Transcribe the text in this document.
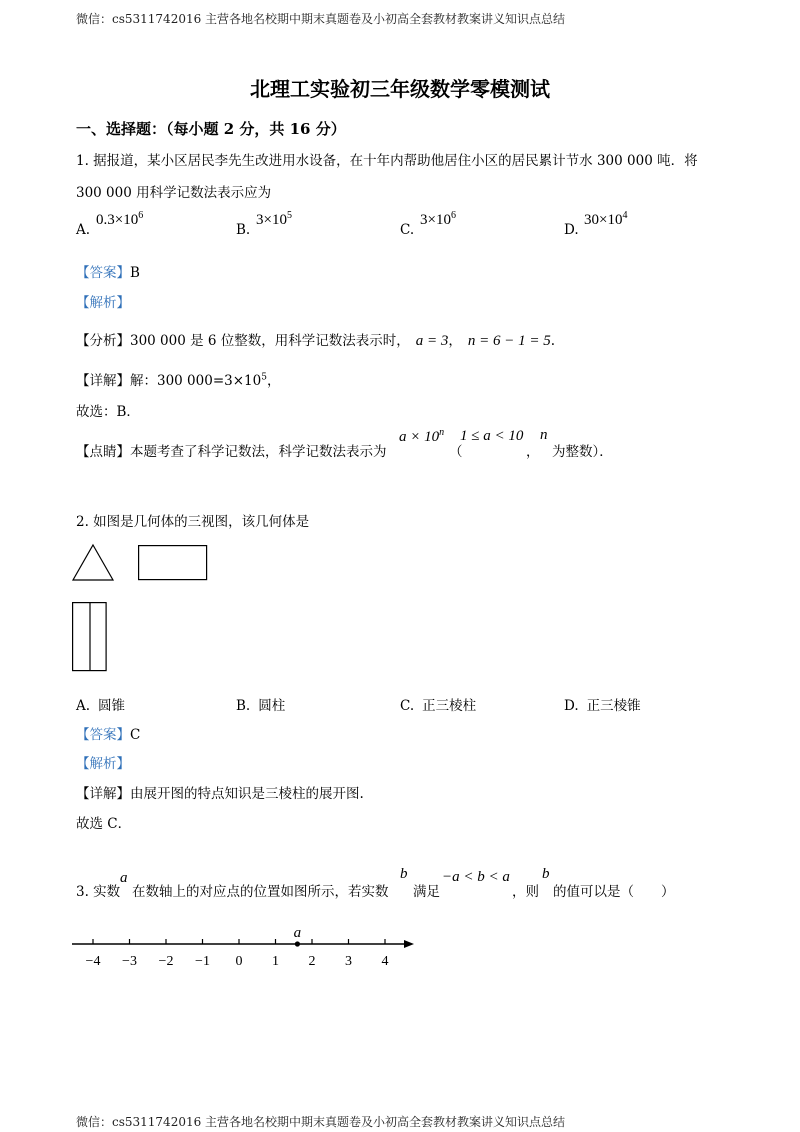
微信：cs5311742016 主营各地名校期中期末真题卷及小初高全套教材教案讲义知识点总结
北理工实验初三年级数学零模测试
一、选择题：（每小题 2 分，共 16 分）
1. 据报道，某小区居民李先生改进用水设备，在十年内帮助他居住小区的居民累计节水 300 000 吨．将
300 000 用科学记数法表示应为
A.
$0.3\times 10^6$
B.
$3\times 10^5$
C.
$3\times 10^6$
D.
$30\times 10^4$
【答案】B
【解析】
【分析】300 000 是 6 位整数，用科学记数法表示时， a = 3， n = 6 − 1 = 5.
【详解】解：300 $000=3\times 10^5$，
故选：B．
【点睛】本题考查了科学记数法，科学记数法表示为
$a \times 10^n$
（
1 ≤ a < 10
，
n
为整数）．
2. 如图是几何体的三视图，该几何体是
A. 圆锥	B. 圆柱	C. 正三棱柱	D. 正三棱锥
【答案】C
【解析】
【详解】由展开图的特点知识是三棱柱的展开图.
故选 C．
3. 实数
a
在数轴上的对应点的位置如图所示，若实数
b
满足
−a < b < a
，则
b
的值可以是（　　）
−4 −3 −2 −1 0 1 2 3 4
a
微信：cs5311742016 主营各地名校期中期末真题卷及小初高全套教材教案讲义知识点总结
